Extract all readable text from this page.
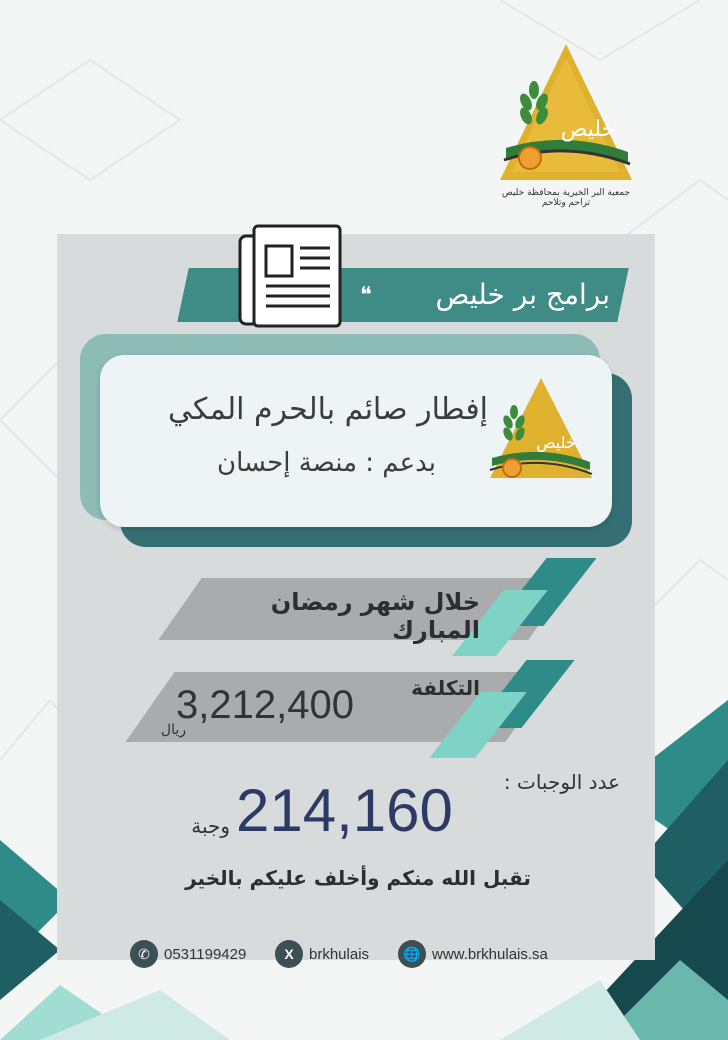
خليص
جمعية البر الخيرية بمحافظة خليص
تراحم وتلاحم
برامج بر خليص
❝
إفطار صائم بالحرم المكي
بدعم : منصة إحسان
خليص
خلال شهر رمضان المبارك
التكلفة
3,212,400
ريال
عدد الوجبات :
214,160
وجبة
تقبل الله منكم وأخلف عليكم بالخير
✆ 0531199429	X	brkhulais	🌐 www.brkhulais.sa
